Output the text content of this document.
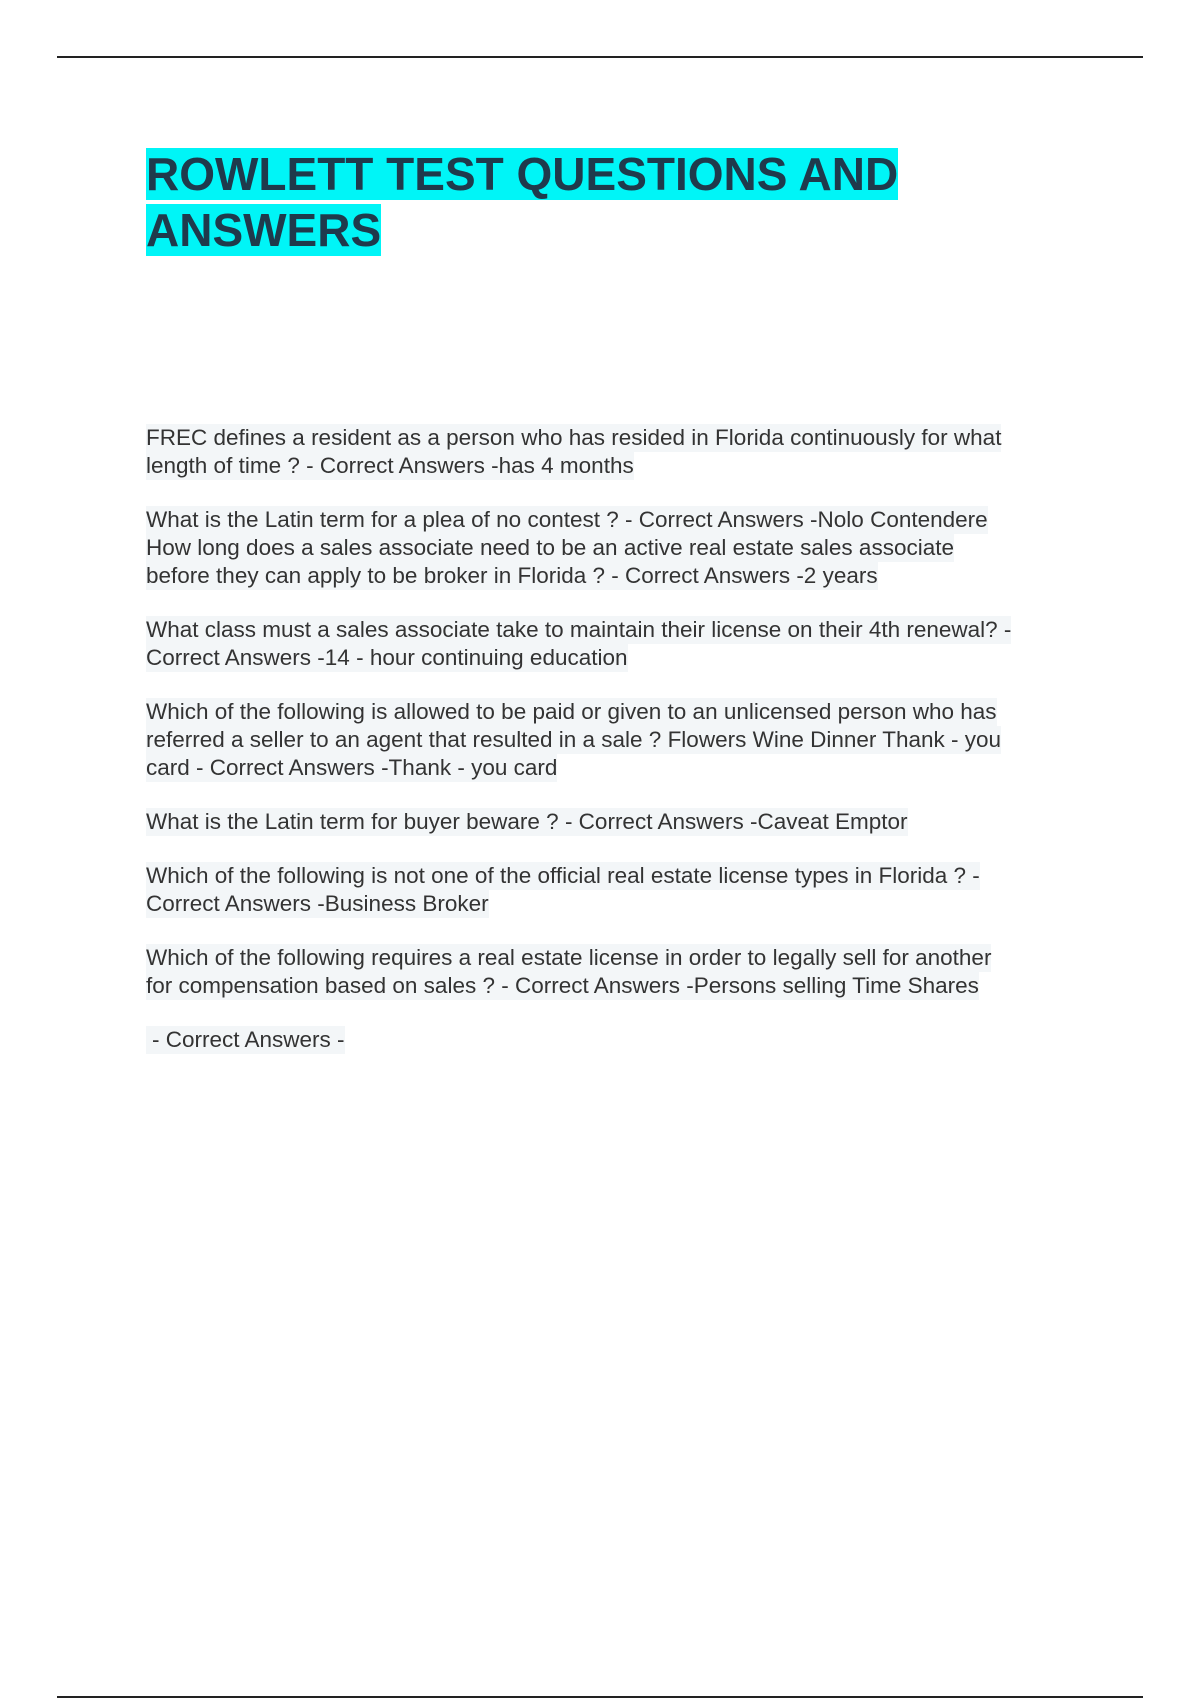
ROWLETT TEST QUESTIONS AND
ANSWERS
FREC defines a resident as a person who has resided in Florida continuously for what
length of time ? - Correct Answers -has 4 months
What is the Latin term for a plea of no contest ? - Correct Answers -Nolo Contendere
How long does a sales associate need to be an active real estate sales associate
before they can apply to be broker in Florida ? - Correct Answers -2 years
What class must a sales associate take to maintain their license on their 4th renewal? -
Correct Answers -14 - hour continuing education
Which of the following is allowed to be paid or given to an unlicensed person who has
referred a seller to an agent that resulted in a sale ? Flowers Wine Dinner Thank - you
card - Correct Answers -Thank - you card
What is the Latin term for buyer beware ? - Correct Answers -Caveat Emptor
Which of the following is not one of the official real estate license types in Florida ? -
Correct Answers -Business Broker
Which of the following requires a real estate license in order to legally sell for another
for compensation based on sales ? - Correct Answers -Persons selling Time Shares
- Correct Answers -
